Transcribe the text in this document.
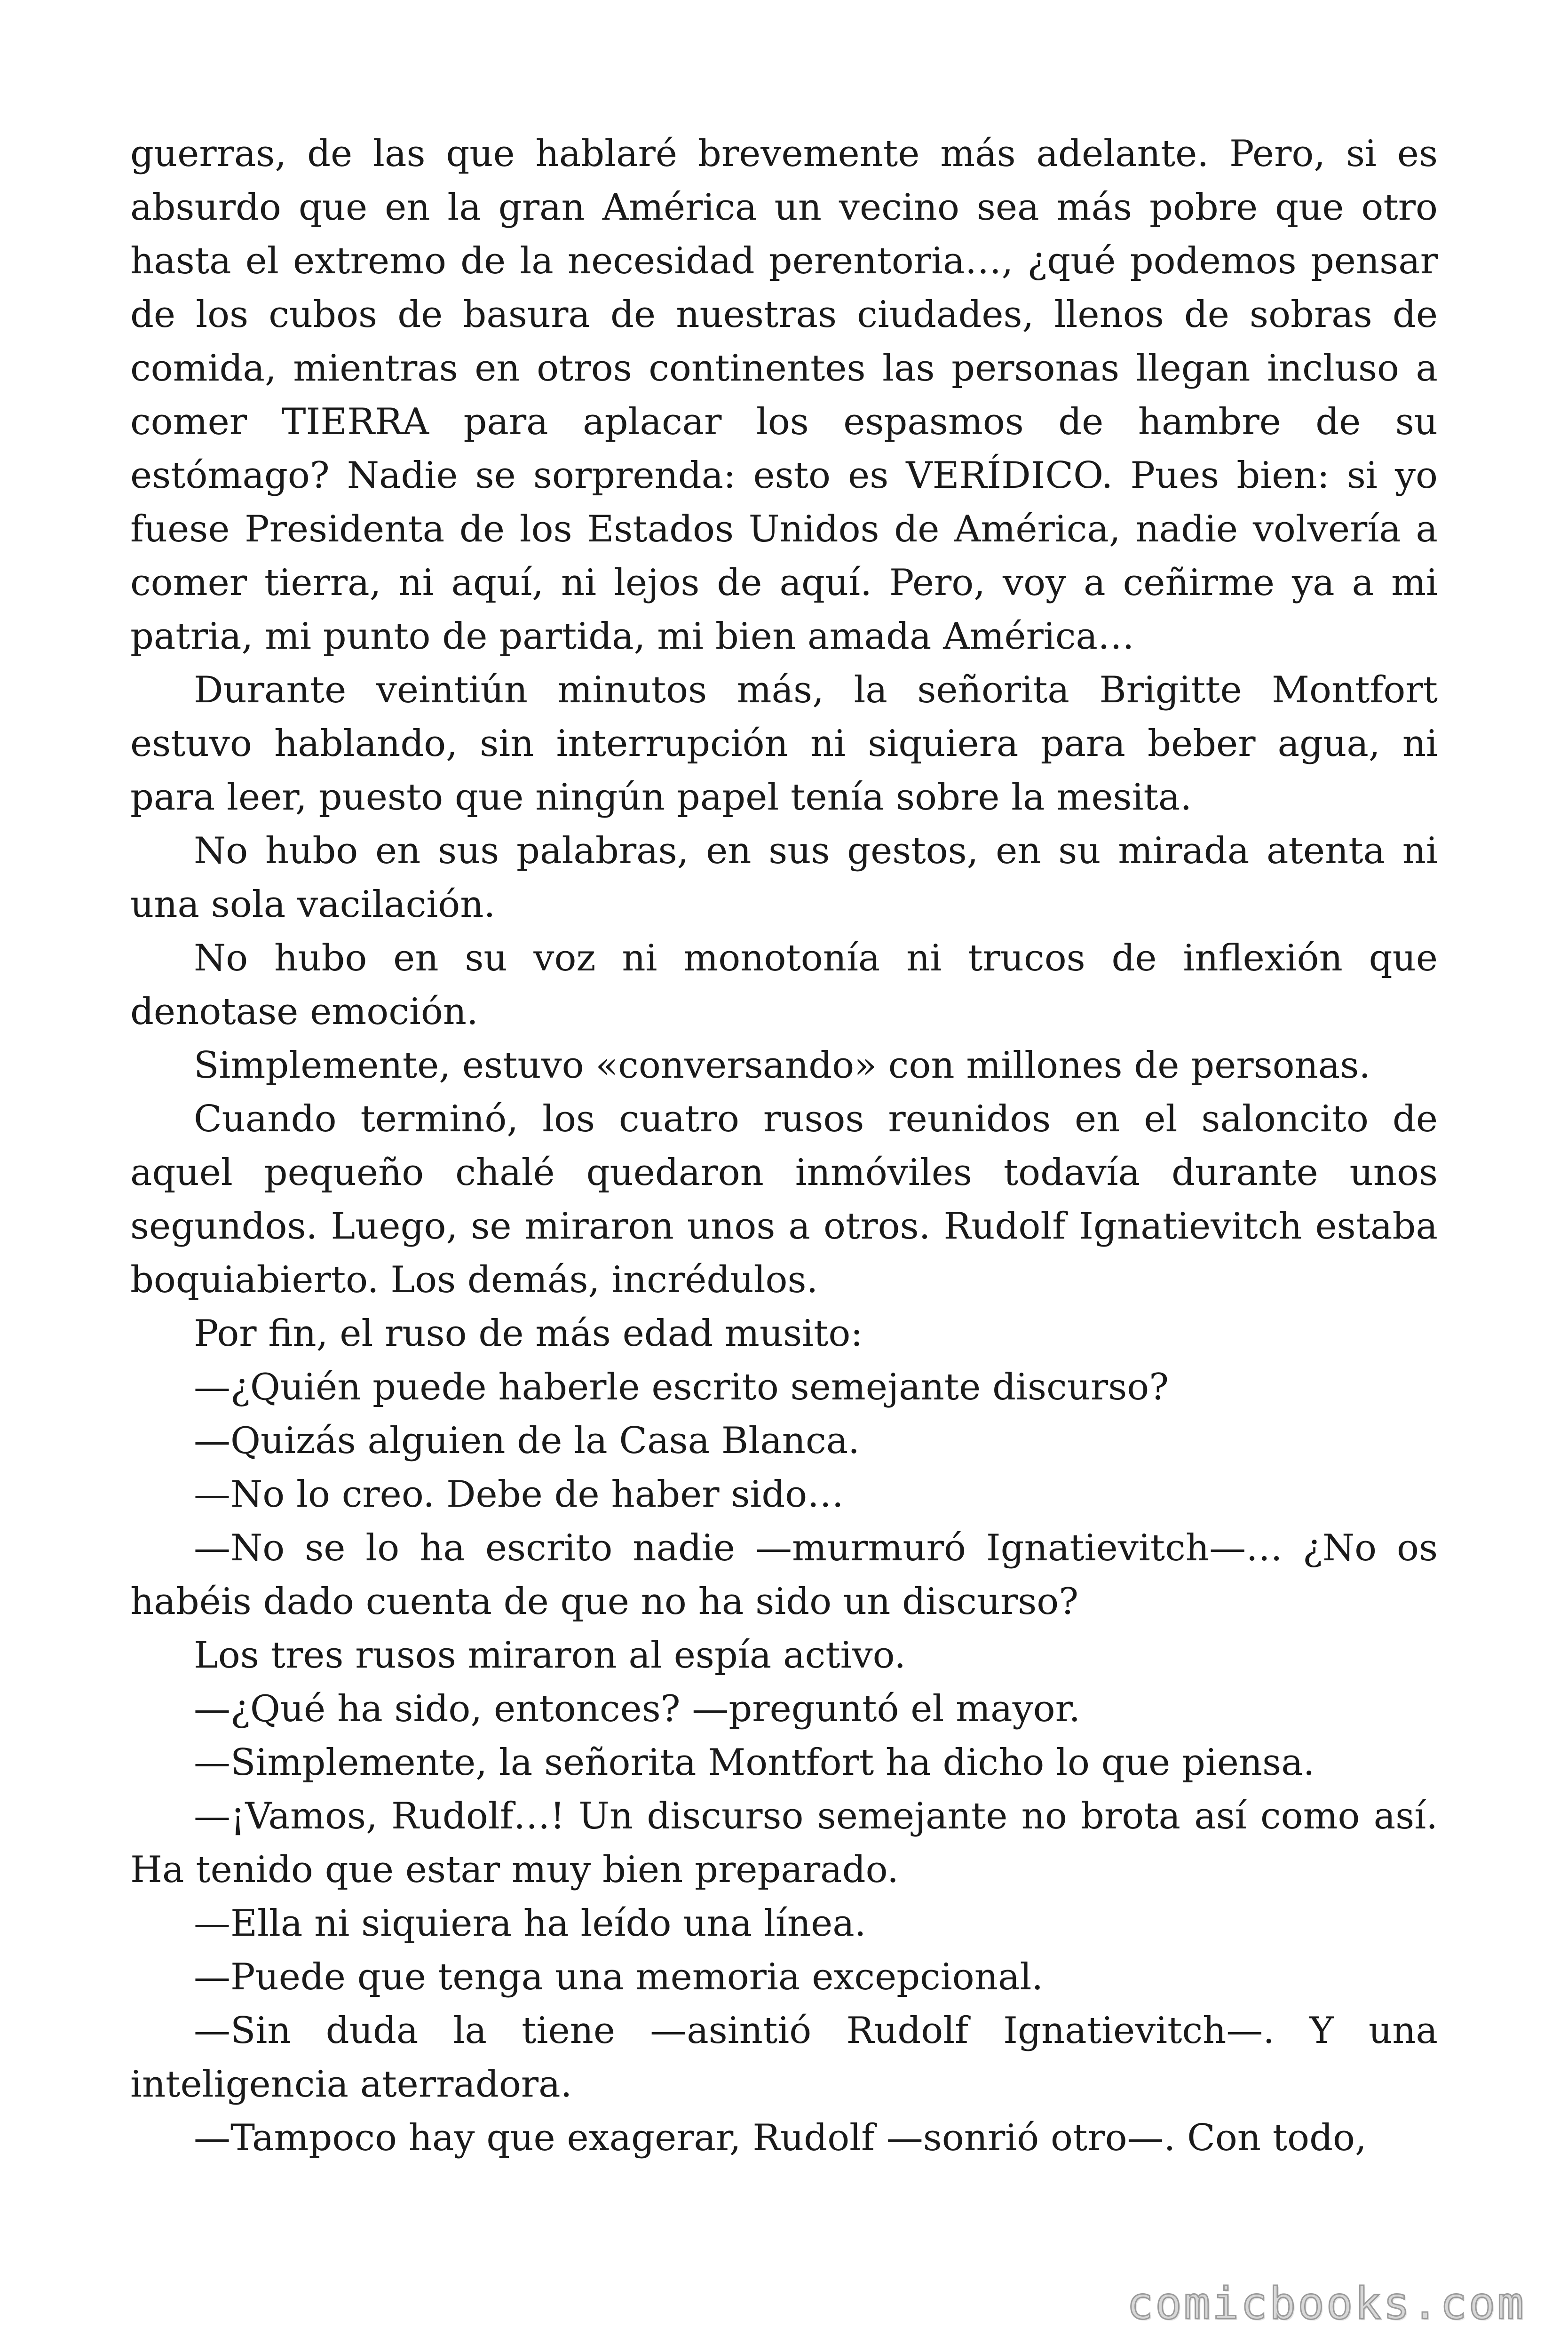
guerras, de las que hablaré brevemente más adelante. Pero, si es absurdo que en la gran América un vecino sea más pobre que otro hasta el extremo de la necesidad perentoria…, ¿qué podemos pensar de los cubos de basura de nuestras ciudades, llenos de sobras de comida, mientras en otros continentes las personas llegan incluso a comer TIERRA para aplacar los espasmos de hambre de su estómago? Nadie se sorprenda: esto es VERÍDICO. Pues bien: si yo fuese Presidenta de los Estados Unidos de América, nadie volvería a comer tierra, ni aquí, ni lejos de aquí. Pero, voy a ceñirme ya a mi patria, mi punto de partida, mi bien amada América…

Durante veintiún minutos más, la señorita Brigitte Montfort estuvo hablando, sin interrupción ni siquiera para beber agua, ni para leer, puesto que ningún papel tenía sobre la mesita.

No hubo en sus palabras, en sus gestos, en su mirada atenta ni una sola vacilación.

No hubo en su voz ni monotonía ni trucos de inflexión que denotase emoción.

Simplemente, estuvo «conversando» con millones de personas.

Cuando terminó, los cuatro rusos reunidos en el saloncito de aquel pequeño chalé quedaron inmóviles todavía durante unos segundos. Luego, se miraron unos a otros. Rudolf Ignatievitch estaba boquiabierto. Los demás, incrédulos.

Por fin, el ruso de más edad musito:

—¿Quién puede haberle escrito semejante discurso?

—Quizás alguien de la Casa Blanca.

—No lo creo. Debe de haber sido…

—No se lo ha escrito nadie —murmuró Ignatievitch—… ¿No os habéis dado cuenta de que no ha sido un discurso?

Los tres rusos miraron al espía activo.

—¿Qué ha sido, entonces? —preguntó el mayor.

—Simplemente, la señorita Montfort ha dicho lo que piensa.

—¡Vamos, Rudolf…! Un discurso semejante no brota así como así. Ha tenido que estar muy bien preparado.

—Ella ni siquiera ha leído una línea.

—Puede que tenga una memoria excepcional.

—Sin duda la tiene —asintió Rudolf Ignatievitch—. Y una inteligencia aterradora.

—Tampoco hay que exagerar, Rudolf —sonrió otro—. Con todo,

comicbooks.com
